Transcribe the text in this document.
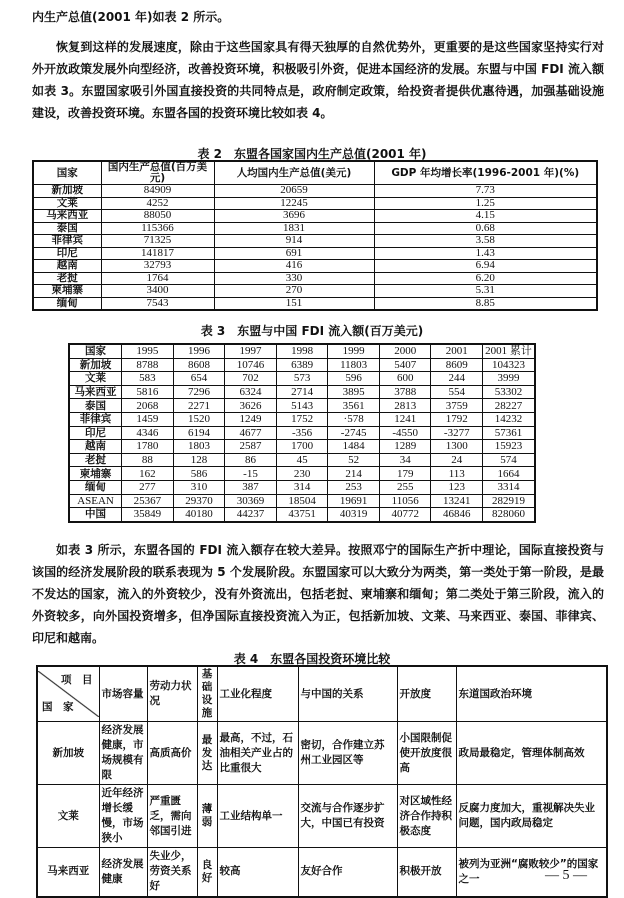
内生产总值(2001 年)如表 2 所示。
恢复到这样的发展速度，除由于这些国家具有得天独厚的自然优势外，更重要的是这些国家坚持实行对外开放政策发展外向型经济，改善投资环境，积极吸引外资，促进本国经济的发展。东盟与中国 FDI 流入额如表 3。东盟国家吸引外国直接投资的共同特点是，政府制定政策，给投资者提供优惠待遇，加强基础设施建设，改善投资环境。东盟各国的投资环境比较如表 4。
表 2　东盟各国家国内生产总值(2001 年)
国家	国内生产总值(百万美元)	人均国内生产总值(美元)	GDP 年均增长率(1996-2001 年)(%)
新加坡	84909	20659	7.73
文莱	4252	12245	1.25
马来西亚	88050	3696	4.15
泰国	115366	1831	0.68
菲律宾	71325	914	3.58
印尼	141817	691	1.43
越南	32793	416	6.94
老挝	1764	330	6.20
柬埔寨	3400	270	5.31
缅甸	7543	151	8.85
表 3　东盟与中国 FDI 流入额(百万美元)
国家	1995	1996	1997	1998	1999	2000	2001	2001 累计
新加坡	8788	8608	10746	6389	11803	5407	8609	104323
文莱	583	654	702	573	596	600	244	3999
马来西亚	5816	7296	6324	2714	3895	3788	554	53302
泰国	2068	2271	3626	5143	3561	2813	3759	28227
菲律宾	1459	1520	1249	1752	·578	1241	1792	14232
印尼	4346	6194	4677	-356	-2745	-4550	-3277	57361
越南	1780	1803	2587	1700	1484	1289	1300	15923
老挝	88	128	86	45	52	34	24	574
柬埔寨	162	586	-15	230	214	179	113	1664
缅甸	277	310	387	314	253	255	123	3314
ASEAN	25367	29370	30369	18504	19691	11056	13241	282919
中国	35849	40180	44237	43751	40319	40772	46846	828060
如表 3 所示，东盟各国的 FDI 流入额存在较大差异。按照邓宁的国际生产折中理论，国际直接投资与该国的经济发展阶段的联系表现为 5 个发展阶段。东盟国家可以大致分为两类，第一类处于第一阶段，是最不发达的国家，流入的外资较少，没有外资流出，包括老挝、柬埔寨和缅甸；第二类处于第三阶段，流入的外资较多，向外国投资增多，但净国际直接投资流入为正，包括新加坡、文莱、马来西亚、泰国、菲律宾、印尼和越南。
表 4　东盟各国投资环境比较
项　目
国　家	市场容量	劳动力状况	基础设施	工业化程度	与中国的关系	开放度	东道国政治环境
新加坡	经济发展健康，市场规模有限	高质高价	最发达	最高，不过，石油相关产业占的比重很大	密切，合作建立苏州工业园区等	小国限制促使开放度很高	政局最稳定，管理体制高效
文莱	近年经济增长缓慢，市场狭小	严重匮乏，需向邻国引进	薄弱	工业结构单一	交流与合作逐步扩大，中国已有投资	对区域性经济合作持积极态度	反腐力度加大，重视解决失业问题，国内政局稳定
马来西亚	经济发展健康	失业少，劳资关系好	良好	较高	友好合作	积极开放	被列为亚洲“腐败较少”的国家之一	— 5 —
